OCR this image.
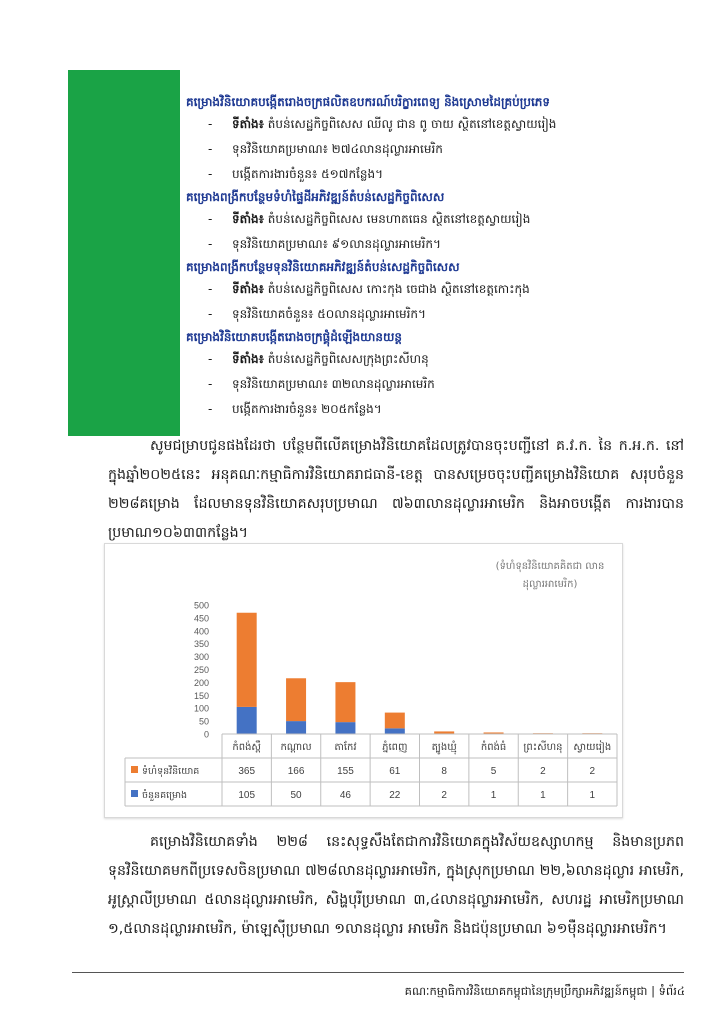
គម្រោងវិនិយោគបង្កើតរោងចក្រផលិតឧបករណ៍បរិក្ខារពេទ្យ និងស្រោមដៃគ្រប់ប្រភេទ
- ទីតាំង៖ តំបន់សេដ្ឋកិច្ចពិសេស ឈីលូ ជាន ពូ ចាយ ស្ថិតនៅខេត្តស្វាយរៀង
- ទុនវិនិយោគប្រមាណ៖ ២៧៤លានដុល្លារអាមេរិក
- បង្កើតការងារចំនួន៖ ៥១៧កន្លែង។
គម្រោងពង្រីកបន្ថែមទំហំផ្ទៃដីអភិវឌ្ឍន៍តំបន់សេដ្ឋកិច្ចពិសេស
- ទីតាំង៖ តំបន់សេដ្ឋកិច្ចពិសេស មេនហាតធេន ស្ថិតនៅខេត្តស្វាយរៀង
- ទុនវិនិយោគប្រមាណ៖ ៩១លានដុល្លារអាមេរិក។
គម្រោងពង្រីកបន្ថែមទុនវិនិយោគអភិវឌ្ឍន៍តំបន់សេដ្ឋកិច្ចពិសេស
- ទីតាំង៖ តំបន់សេដ្ឋកិច្ចពិសេស កោះកុង ចេជាង ស្ថិតនៅខេត្តកោះកុង
- ទុនវិនិយោគចំនួន៖ ៥០លានដុល្លារអាមេរិក។
គម្រោងវិនិយោគបង្កើតរោងចក្រផ្គុំដំឡើងយានយន្ត
- ទីតាំង៖ តំបន់សេដ្ឋកិច្ចពិសេសក្រុងព្រះសីហនុ
- ទុនវិនិយោគប្រមាណ៖ ៣២លានដុល្លារអាមេរិក
- បង្កើតការងារចំនួន៖ ២០៥កន្លែង។
សូមជម្រាបជូនផងដែរថា បន្ថែមពីលើគម្រោងវិនិយោគដែលត្រូវបានចុះបញ្ជីនៅ គ.វ.ក. នៃ ក.អ.ក. នៅក្នុងឆ្នាំ២០២៥នេះ អនុគណៈកម្មាធិការវិនិយោគរាជធានី-ខេត្ត បានសម្រេចចុះបញ្ជីគម្រោងវិនិយោគ សរុបចំនួន ២២៨គម្រោង ដែលមានទុនវិនិយោគសរុបប្រមាណ ៧៦៣លានដុល្លារអាមេរិក និងអាចបង្កើត ការងារបានប្រមាណ១០៦៣៣កន្លែង។
(ទំហំទុនវិនិយោគគិតជា លានដុល្លារអាមេរិក)
0
50
100
150
200
250
300
350
400
450
500
កំពង់ស្ពឺ កណ្ដាល តាកែវ	ភ្នំពេញ ត្បូងឃ្មុំ កំពង់ធំ ព្រះសីហនុ ស្វាយរៀង
ទំហំទុនវិនិយោគ	365	166	155	61	8	5	2	2
ចំនួនគម្រោង	105	50	46	22	2	1	1	1
គម្រោងវិនិយោគទាំង ២២៨ នេះសុទ្ធសឹងតែជាការវិនិយោគក្នុងវិស័យឧស្សាហកម្ម និងមានប្រភព ទុនវិនិយោគមកពីប្រទេសចិនប្រមាណ ៧២៨លានដុល្លារអាមេរិក, ក្នុងស្រុកប្រមាណ ២២,៦លានដុល្លារ អាមេរិក, អូស្ត្រាលីប្រមាណ ៥លានដុល្លារអាមេរិក, សិង្ហបុរីប្រមាណ ៣,៤លានដុល្លារអាមេរិក, សហរដ្ឋ អាមេរិកប្រមាណ ១,៥លានដុល្លារអាមេរិក, ម៉ាឡេស៊ីប្រមាណ ១លានដុល្លារ អាមេរិក និងជប៉ុនប្រមាណ ៦១ម៉ឺនដុល្លារអាមេរិក។
គណៈកម្មាធិការវិនិយោគកម្ពុជានៃក្រុមប្រឹក្សាអភិវឌ្ឍន៍កម្ពុជា | ទំព័រ៤
